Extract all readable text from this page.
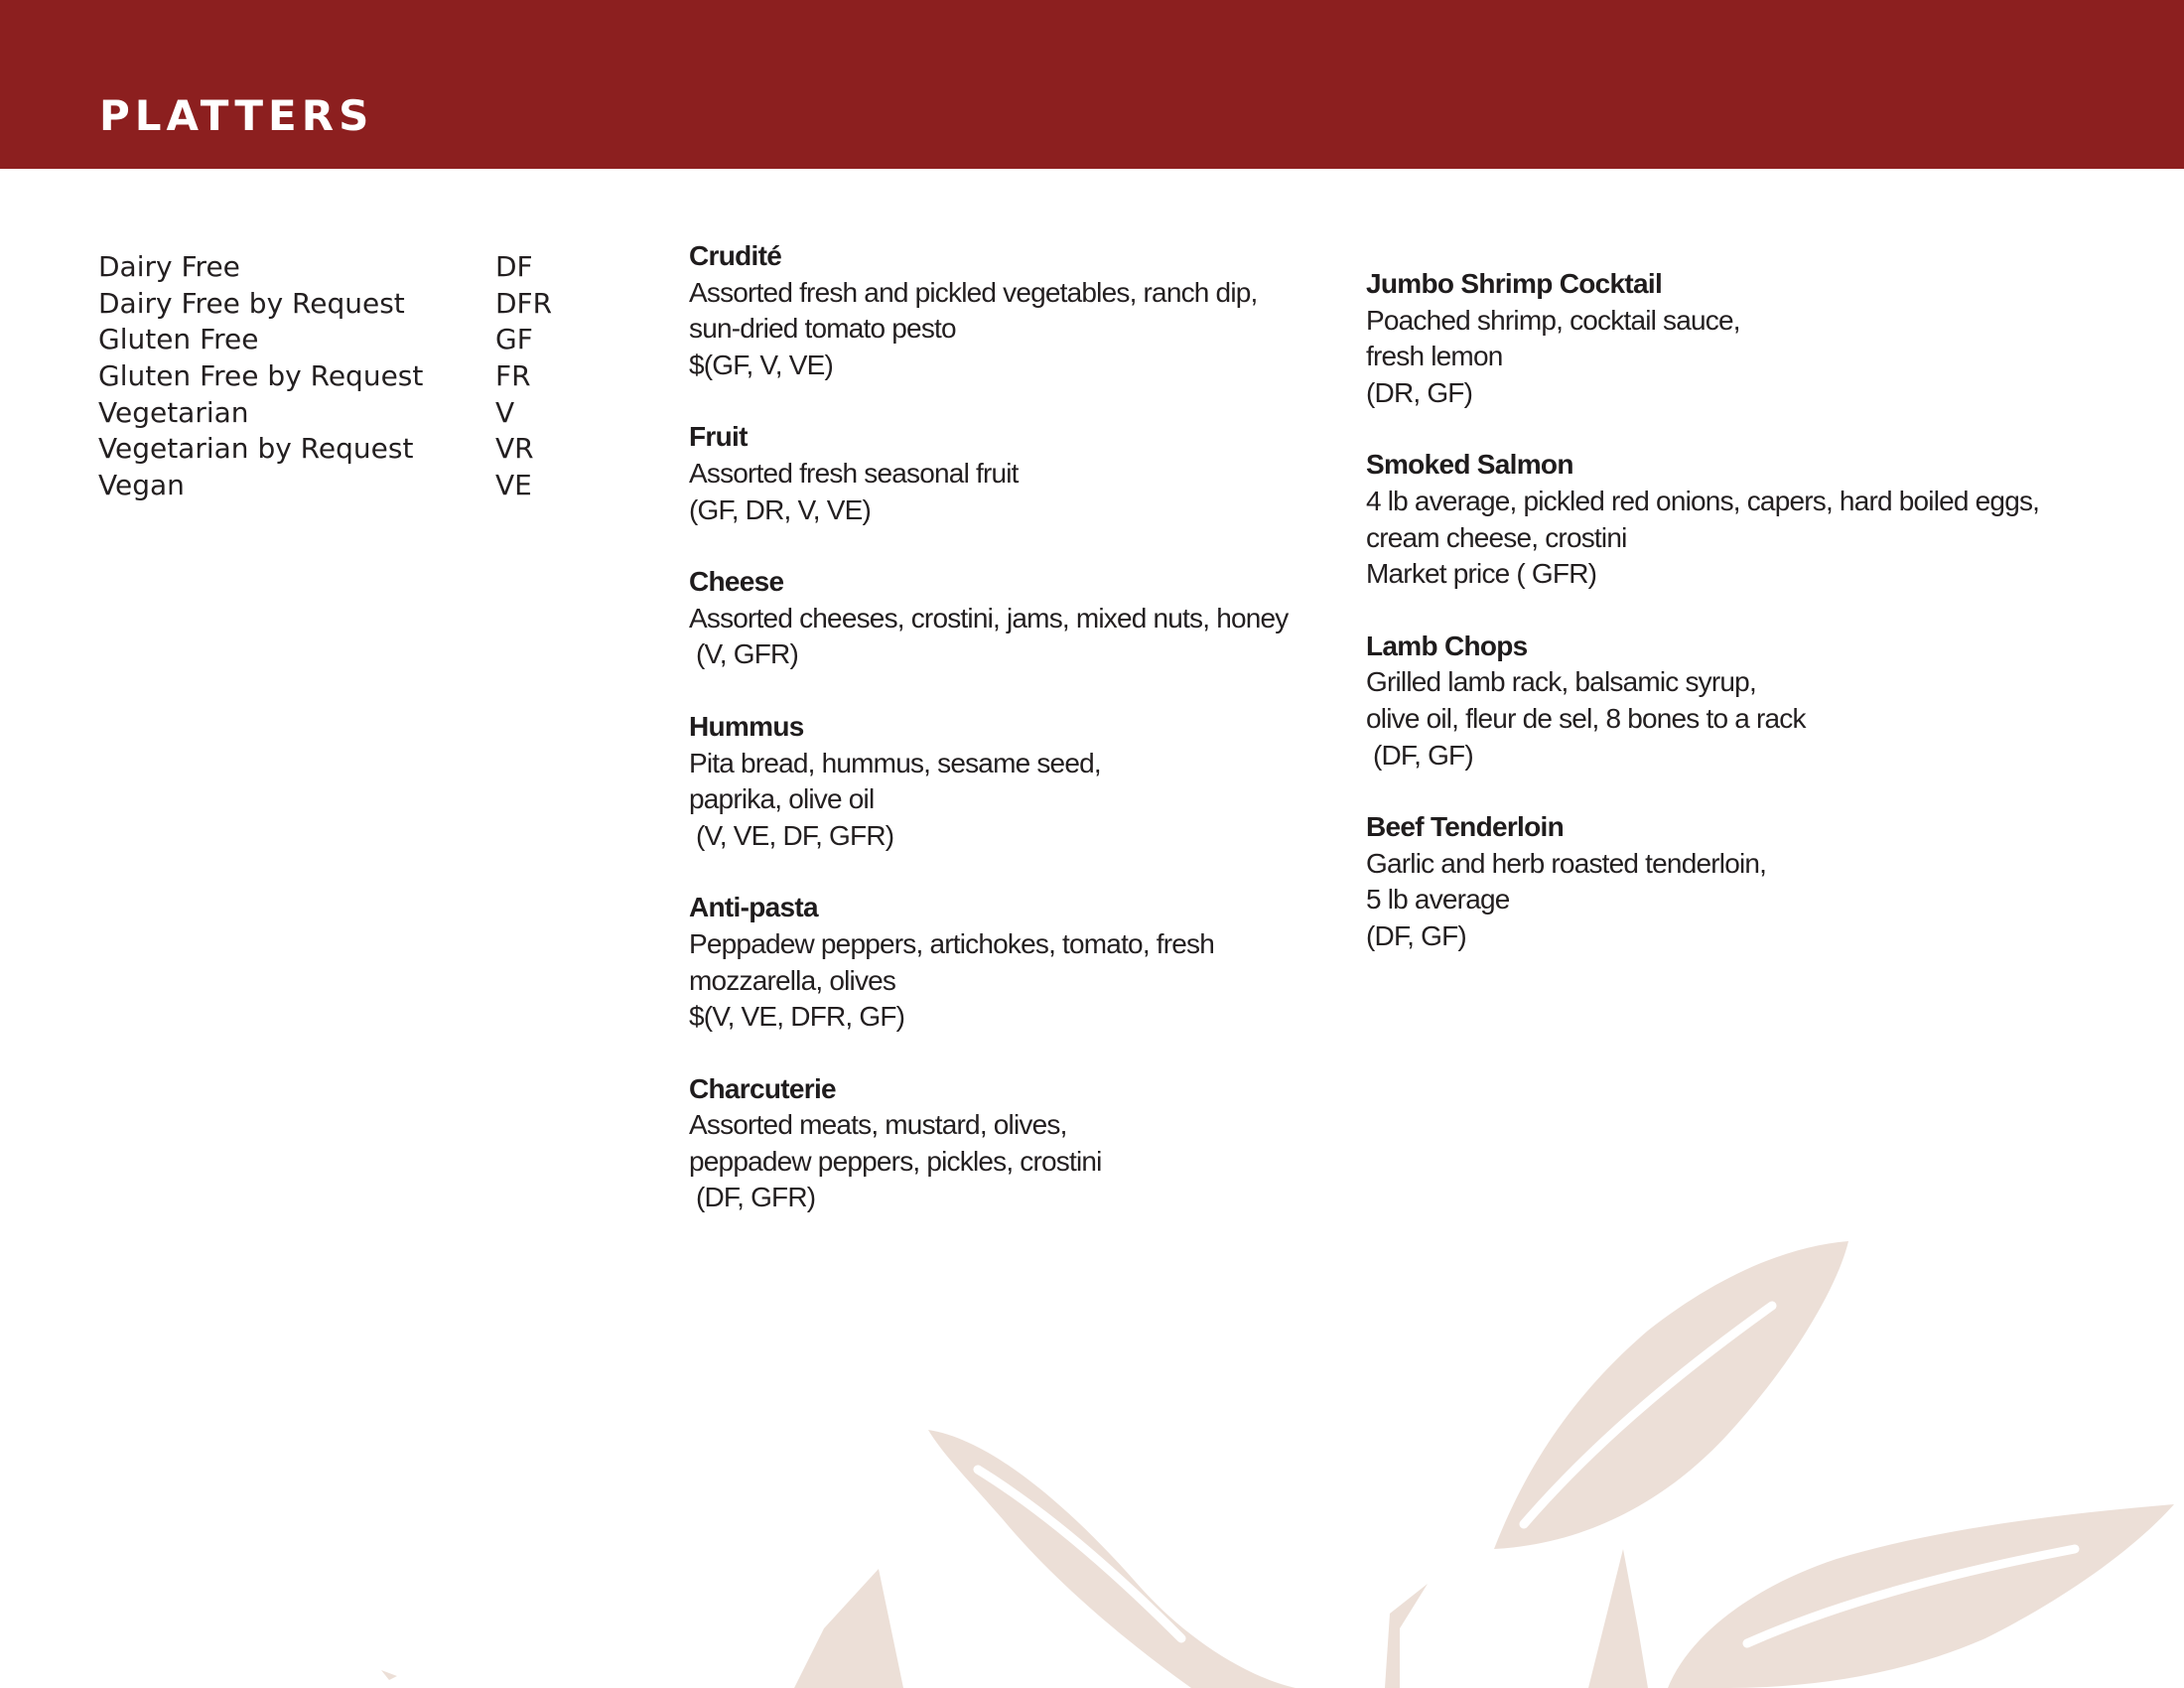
PLATTERS
Dairy Free	DF
Dairy Free by Request	DFR
Gluten Free	GF
Gluten Free by Request	FR
Vegetarian	V
Vegetarian by Request	VR
Vegan	VE
Crudité
Assorted fresh and pickled vegetables, ranch dip,
sun-dried tomato pesto
$(GF, V, VE)
Fruit
Assorted fresh seasonal fruit
(GF, DR, V, VE)
Cheese
Assorted cheeses, crostini, jams, mixed nuts, honey
(V, GFR)
Hummus
Pita bread, hummus, sesame seed,
paprika, olive oil
(V, VE, DF, GFR)
Anti-pasta
Peppadew peppers, artichokes, tomato, fresh
mozzarella, olives
$(V, VE, DFR, GF)
Charcuterie
Assorted meats, mustard, olives,
peppadew peppers, pickles, crostini
(DF, GFR)
Jumbo Shrimp Cocktail
Poached shrimp, cocktail sauce,
fresh lemon
(DR, GF)
Smoked Salmon
4 lb average, pickled red onions, capers, hard boiled eggs,
cream cheese, crostini
Market price ( GFR)
Lamb Chops
Grilled lamb rack, balsamic syrup,
olive oil, fleur de sel, 8 bones to a rack
(DF, GF)
Beef Tenderloin
Garlic and herb roasted tenderloin,
5 lb average
(DF, GF)
